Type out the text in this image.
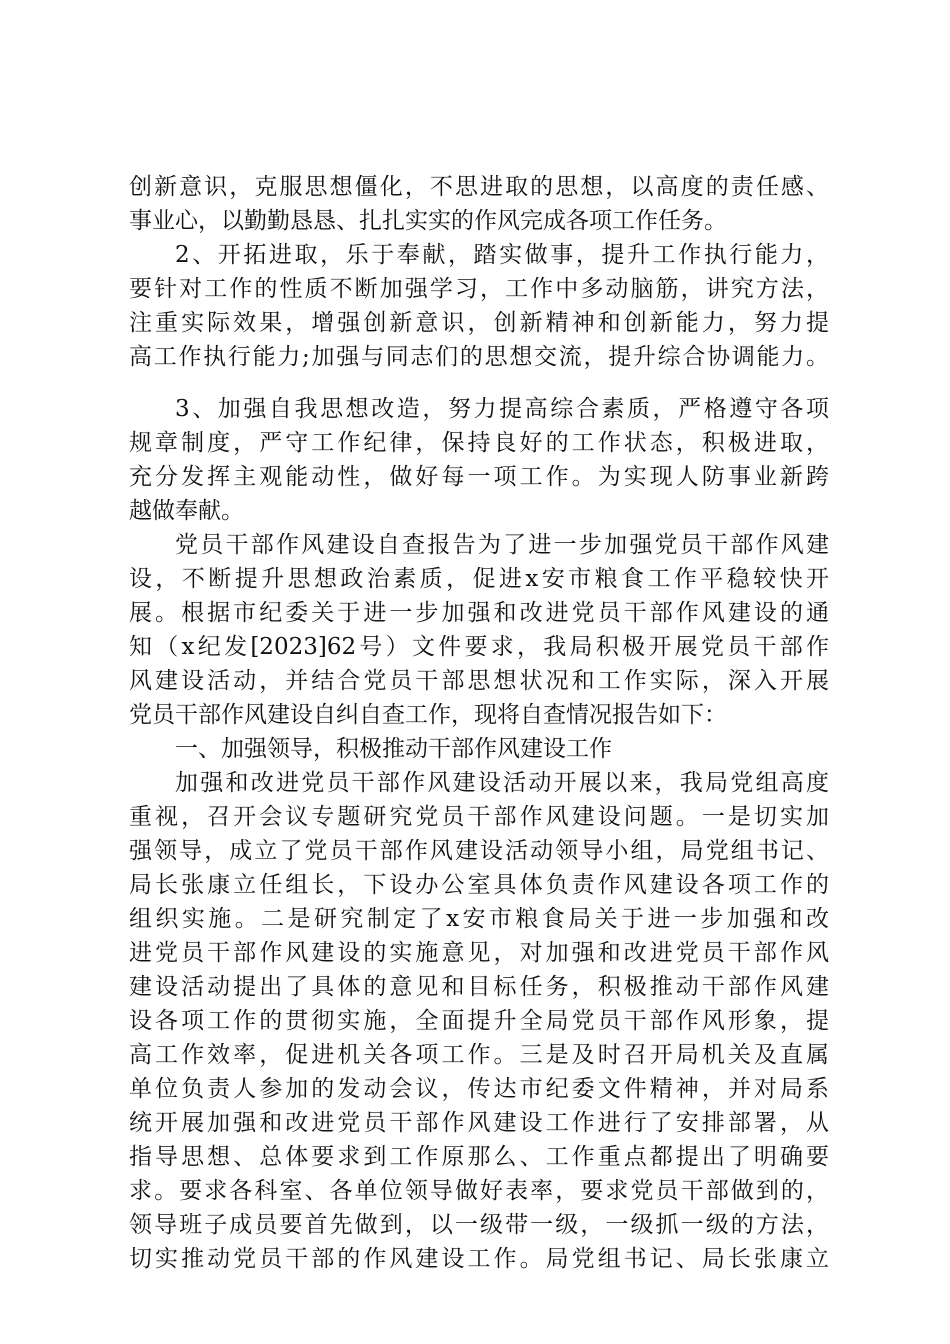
创新意识，克服思想僵化，不思进取的思想，以高度的责任感、
事业心，以勤勤恳恳、扎扎实实的作风完成各项工作任务。
2、开拓进取，乐于奉献，踏实做事，提升工作执行能力，
要针对工作的性质不断加强学习，工作中多动脑筋，讲究方法，
注重实际效果，增强创新意识，创新精神和创新能力，努力提
高工作执行能力;加强与同志们的思想交流，提升综合协调能力。
3、加强自我思想改造，努力提高综合素质，严格遵守各项
规章制度，严守工作纪律，保持良好的工作状态，积极进取，
充分发挥主观能动性，做好每一项工作。为实现人防事业新跨
越做奉献。
党员干部作风建设自查报告为了进一步加强党员干部作风建
设，不断提升思想政治素质，促进x安市粮食工作平稳较快开
展。根据市纪委关于进一步加强和改进党员干部作风建设的通
知（x纪发[2023]62号）文件要求，我局积极开展党员干部作
风建设活动，并结合党员干部思想状况和工作实际，深入开展
党员干部作风建设自纠自查工作，现将自查情况报告如下：
一、加强领导，积极推动干部作风建设工作
加强和改进党员干部作风建设活动开展以来，我局党组高度
重视，召开会议专题研究党员干部作风建设问题。一是切实加
强领导，成立了党员干部作风建设活动领导小组，局党组书记、
局长张康立任组长，下设办公室具体负责作风建设各项工作的
组织实施。二是研究制定了x安市粮食局关于进一步加强和改
进党员干部作风建设的实施意见，对加强和改进党员干部作风
建设活动提出了具体的意见和目标任务，积极推动干部作风建
设各项工作的贯彻实施，全面提升全局党员干部作风形象，提
高工作效率，促进机关各项工作。三是及时召开局机关及直属
单位负责人参加的发动会议，传达市纪委文件精神，并对局系
统开展加强和改进党员干部作风建设工作进行了安排部署，从
指导思想、总体要求到工作原那么、工作重点都提出了明确要
求。要求各科室、各单位领导做好表率，要求党员干部做到的，
领导班子成员要首先做到，以一级带一级，一级抓一级的方法，
切实推动党员干部的作风建设工作。局党组书记、局长张康立
